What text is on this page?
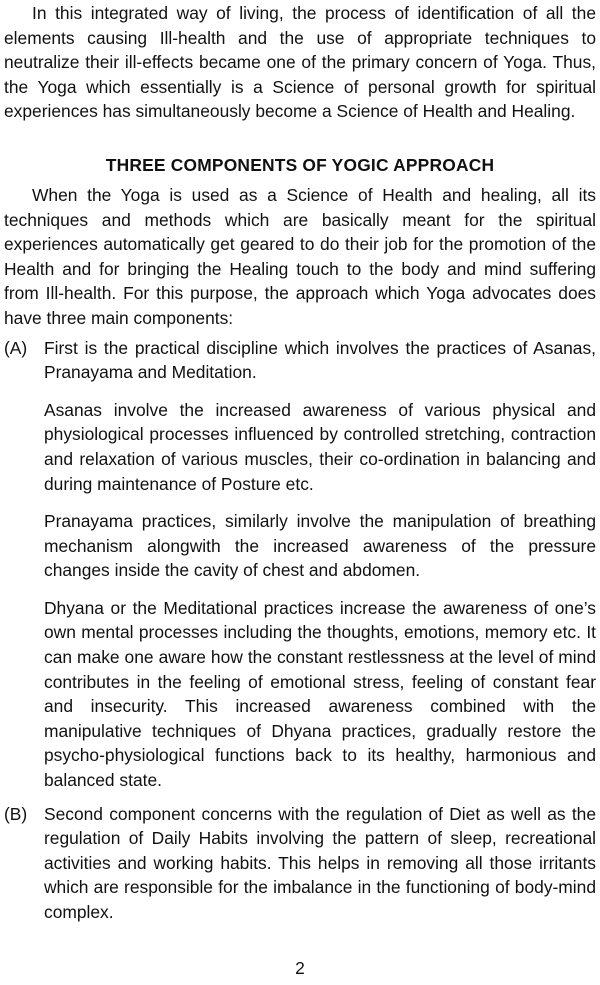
In this integrated way of living, the process of identification of all the elements causing Ill-health and the use of appropriate techniques to neutralize their ill-effects became one of the primary concern of Yoga. Thus, the Yoga which essentially is a Science of personal growth for spiritual experiences has simultaneously become a Science of Health and Healing.

THREE COMPONENTS OF YOGIC APPROACH

When the Yoga is used as a Science of Health and healing, all its techniques and methods which are basically meant for the spiritual experiences automatically get geared to do their job for the promotion of the Health and for bringing the Healing touch to the body and mind suffering from Ill-health. For this purpose, the approach which Yoga advocates does have three main components:

(A) First is the practical discipline which involves the practices of Asanas, Pranayama and Meditation.

Asanas involve the increased awareness of various physical and physiological processes influenced by controlled stretching, contraction and relaxation of various muscles, their co-ordination in balancing and during maintenance of Posture etc.

Pranayama practices, similarly involve the manipulation of breathing mechanism alongwith the increased awareness of the pressure changes inside the cavity of chest and abdomen.

Dhyana or the Meditational practices increase the awareness of one’s own mental processes including the thoughts, emotions, memory etc. It can make one aware how the constant restlessness at the level of mind contributes in the feeling of emotional stress, feeling of constant fear and insecurity. This increased awareness combined with the manipulative techniques of Dhyana practices, gradually restore the psycho-physiological functions back to its healthy, harmonious and balanced state.

(B) Second component concerns with the regulation of Diet as well as the regulation of Daily Habits involving the pattern of sleep, recreational activities and working habits. This helps in removing all those irritants which are responsible for the imbalance in the functioning of body-mind complex.

2
